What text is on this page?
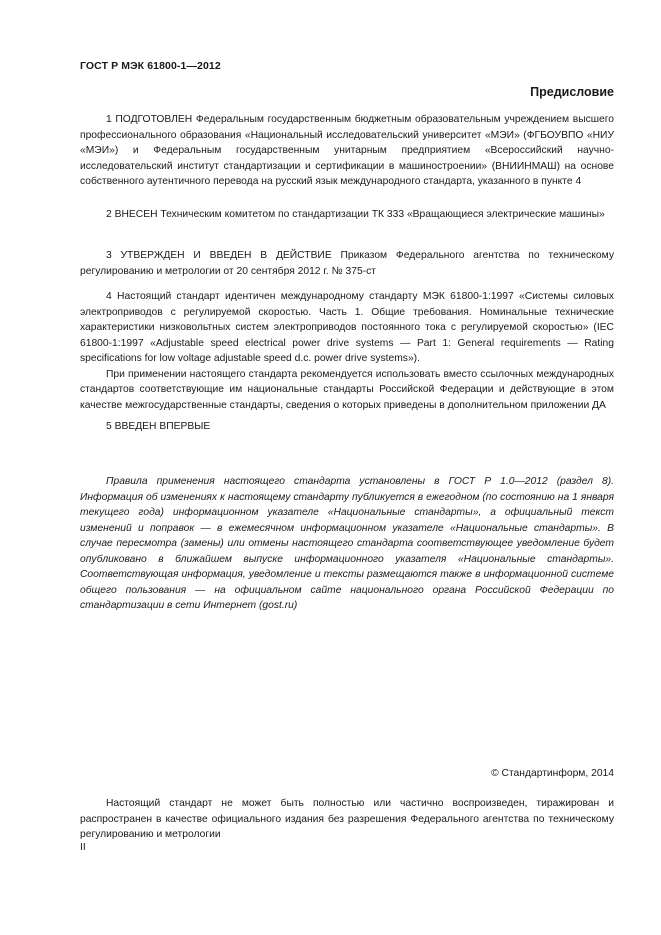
ГОСТ Р МЭК 61800-1—2012
Предисловие

1 ПОДГОТОВЛЕН Федеральным государственным бюджетным образовательным учреждением высшего профессионального образования «Национальный исследовательский университет «МЭИ» (ФГБОУВПО «НИУ «МЭИ») и Федеральным государственным унитарным предприятием «Всероссийский научно-исследовательский институт стандартизации и сертификации в машиностроении» (ВНИИНМАШ) на основе собственного аутентичного перевода на русский язык международного стандарта, указанного в пункте 4

2 ВНЕСЕН Техническим комитетом по стандартизации ТК 333 «Вращающиеся электрические машины»

3 УТВЕРЖДЕН И ВВЕДЕН В ДЕЙСТВИЕ Приказом Федерального агентства по техническому регулированию и метрологии от 20 сентября 2012 г. № 375-ст

4 Настоящий стандарт идентичен международному стандарту МЭК 61800-1:1997 «Системы силовых электроприводов с регулируемой скоростью. Часть 1. Общие требования. Номинальные технические характеристики низковольтных систем электроприводов постоянного тока с регулируемой скоростью» (IEC 61800-1:1997 «Adjustable speed electrical power drive systems — Part 1: General requirements — Rating specifications for low voltage adjustable speed d.c. power drive systems»).

При применении настоящего стандарта рекомендуется использовать вместо ссылочных международных стандартов соответствующие им национальные стандарты Российской Федерации и действующие в этом качестве межгосударственные стандарты, сведения о которых приведены в дополнительном приложении ДА

5 ВВЕДЕН ВПЕРВЫЕ

Правила применения настоящего стандарта установлены в ГОСТ Р 1.0—2012 (раздел 8). Информация об изменениях к настоящему стандарту публикуется в ежегодном (по состоянию на 1 января текущего года) информационном указателе «Национальные стандарты», а официальный текст изменений и поправок — в ежемесячном информационном указателе «Национальные стандарты». В случае пересмотра (замены) или отмены настоящего стандарта соответствующее уведомление будет опубликовано в ближайшем выпуске информационного указателя «Национальные стандарты». Соответствующая информация, уведомление и тексты размещаются также в информационной системе общего пользования — на официальном сайте национального органа Российской Федерации по стандартизации в сети Интернет (gost.ru)

© Стандартинформ, 2014

Настоящий стандарт не может быть полностью или частично воспроизведен, тиражирован и распространен в качестве официального издания без разрешения Федерального агентства по техническому регулированию и метрологии

II
